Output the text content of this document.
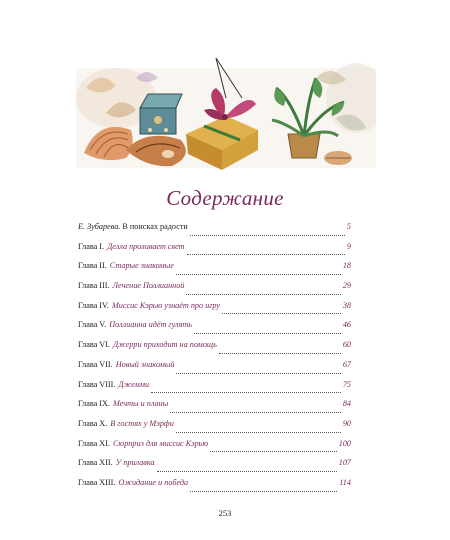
Содержание
Е. Зубарева. В поисках радости	5
Глава I. Делла проливает свет	9
Глава II. Старые знакомые	18
Глава III. Лечение Поллианной	29
Глава IV. Миссис Кэрью узнаёт про игру	38
Глава V. Поллианна идёт гулять	46
Глава VI. Джерри приходит на помощь	60
Глава VII. Новый знакомый	67
Глава VIII. Джемми	75
Глава IX. Мечты и планы	84
Глава X. В гостях у Мэрфи	90
Глава XI. Сюрприз для миссис Кэрью	100
Глава XII. У прилавка	107
Глава XIII. Ожидание и победа	114
253
